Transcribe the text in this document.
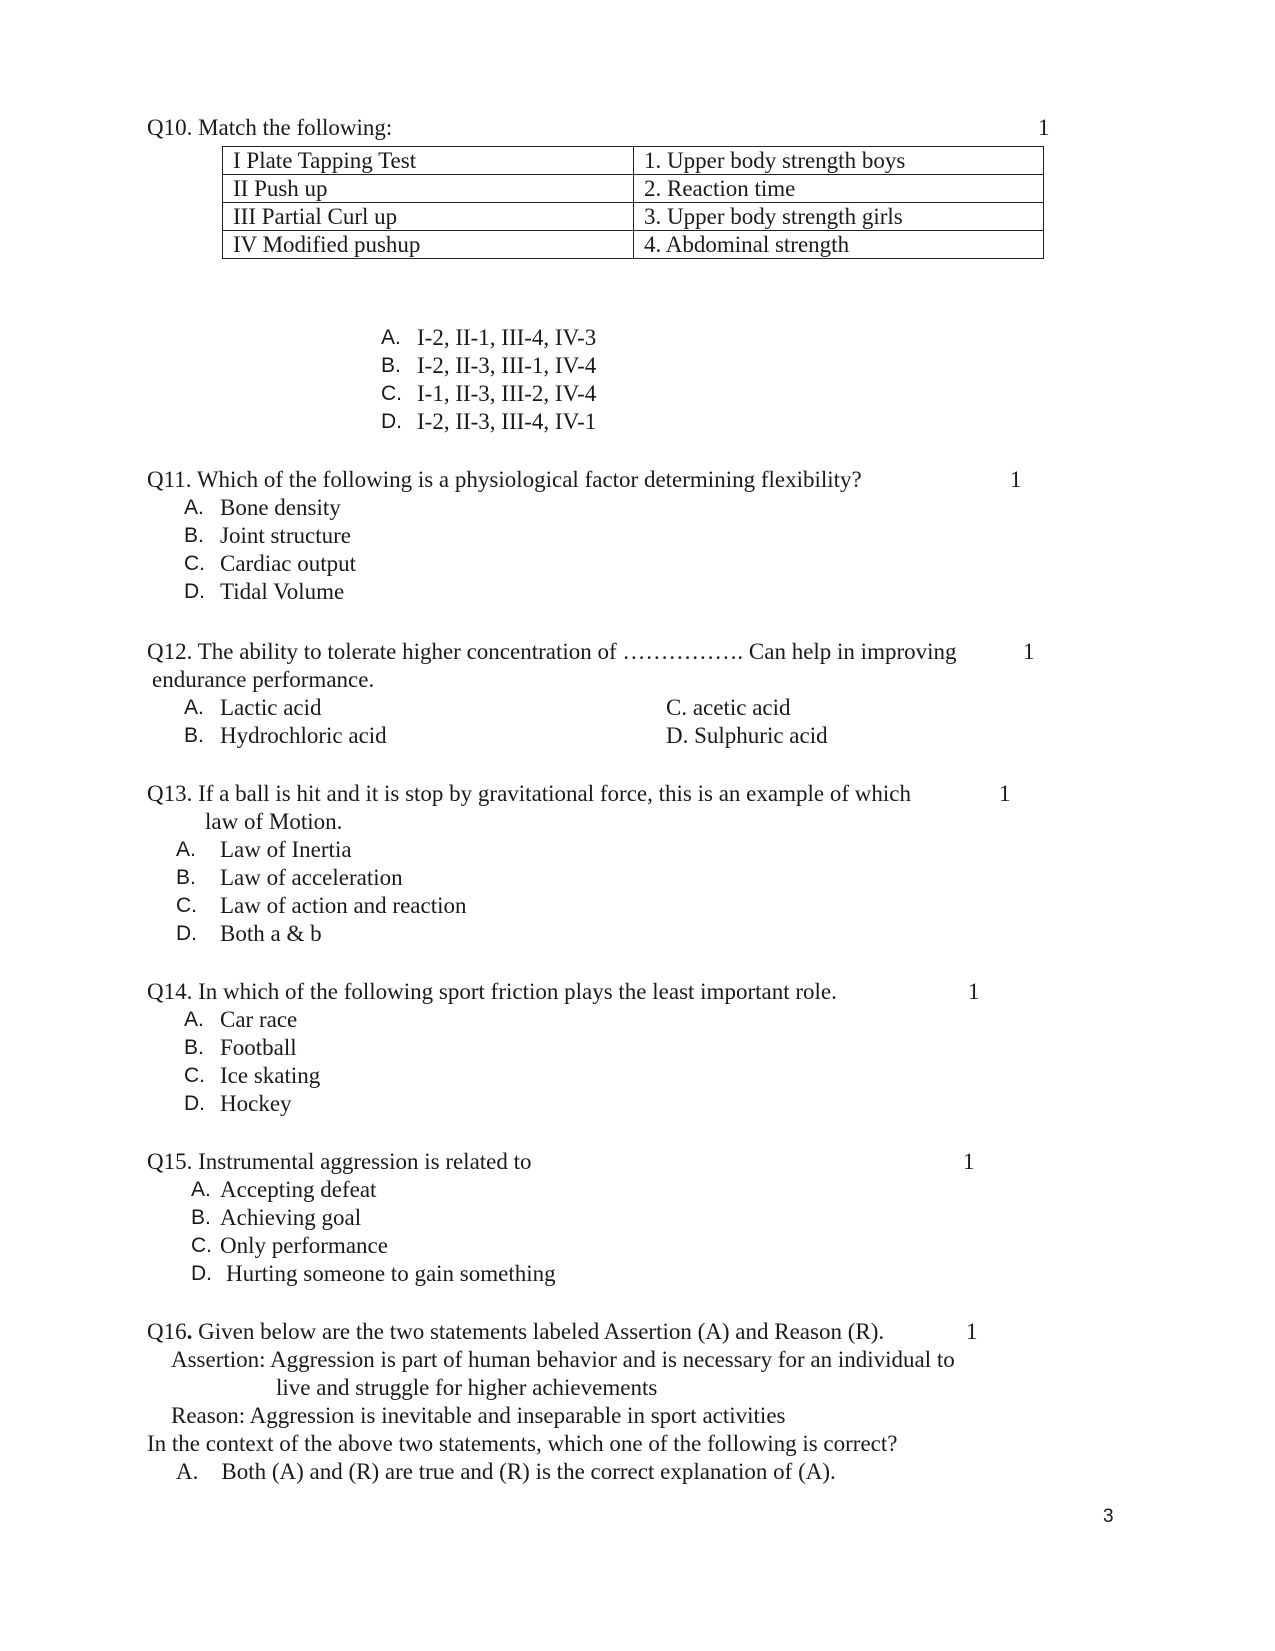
Q10. Match the following:	1
I Plate Tapping Test	1. Upper body strength boys
II Push up	2. Reaction time
III Partial Curl up	3. Upper body strength girls
IV Modified pushup	4. Abdominal strength
A. I-2, II-1, III-4, IV-3
B. I-2, II-3, III-1, IV-4
C. I-1, II-3, III-2, IV-4
D. I-2, II-3, III-4, IV-1
Q11. Which of the following is a physiological factor determining flexibility?	1
A. Bone density
B. Joint structure
C. Cardiac output
D. Tidal Volume
Q12. The ability to tolerate higher concentration of ……………. Can help in improving	1
endurance performance.
A. Lactic acid
B. Hydrochloric acid
C. acetic acid
D. Sulphuric acid
Q13. If a ball is hit and it is stop by gravitational force, this is an example of which	1
law of Motion.
A. Law of Inertia
B. Law of acceleration
C. Law of action and reaction
D. Both a & b
Q14. In which of the following sport friction plays the least important role.	1
A. Car race
B. Football
C. Ice skating
D. Hockey
Q15. Instrumental aggression is related to	1
A. Accepting defeat
B. Achieving goal
C. Only performance
D. Hurting someone to gain something
Q16. Given below are the two statements labeled Assertion (A) and Reason (R).	1
Assertion: Aggression is part of human behavior and is necessary for an individual to
live and struggle for higher achievements
Reason: Aggression is inevitable and inseparable in sport activities
In the context of the above two statements, which one of the following is correct?
A.    Both (A) and (R) are true and (R) is the correct explanation of (A).
3
